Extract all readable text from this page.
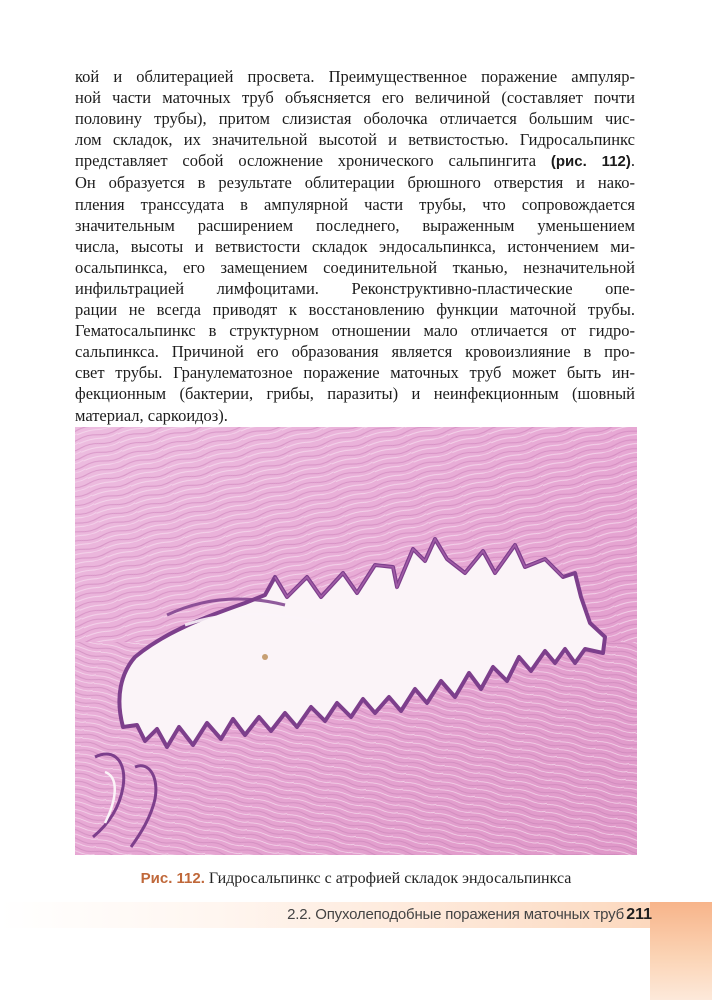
кой и облитерацией просвета. Преимущественное поражение ампуляр-
ной части маточных труб объясняется его величиной (составляет почти
половину трубы), притом слизистая оболочка отличается большим чис-
лом складок, их значительной высотой и ветвистостью. Гидросальпинкс
представляет собой осложнение хронического сальпингита (рис. 112).
Он образуется в результате облитерации брюшного отверстия и нако-
пления транссудата в ампулярной части трубы, что сопровождается
значительным расширением последнего, выраженным уменьшением
числа, высоты и ветвистости складок эндосальпинкса, истончением ми-
осальпинкса, его замещением соединительной тканью, незначительной
инфильтрацией лимфоцитами. Реконструктивно-пластические опе-
рации не всегда приводят к восстановлению функции маточной трубы.
Гематосальпинкс в структурном отношении мало отличается от гидро-
сальпинкса. Причиной его образования является кровоизлияние в про-
свет трубы. Гранулематозное поражение маточных труб может быть ин-
фекционным (бактерии, грибы, паразиты) и неинфекционным (шовный
материал, саркоидоз).
Рис. 112. Гидросальпинкс с атрофией складок эндосальпинкса
2.2. Опухолеподобные поражения маточных труб 211
